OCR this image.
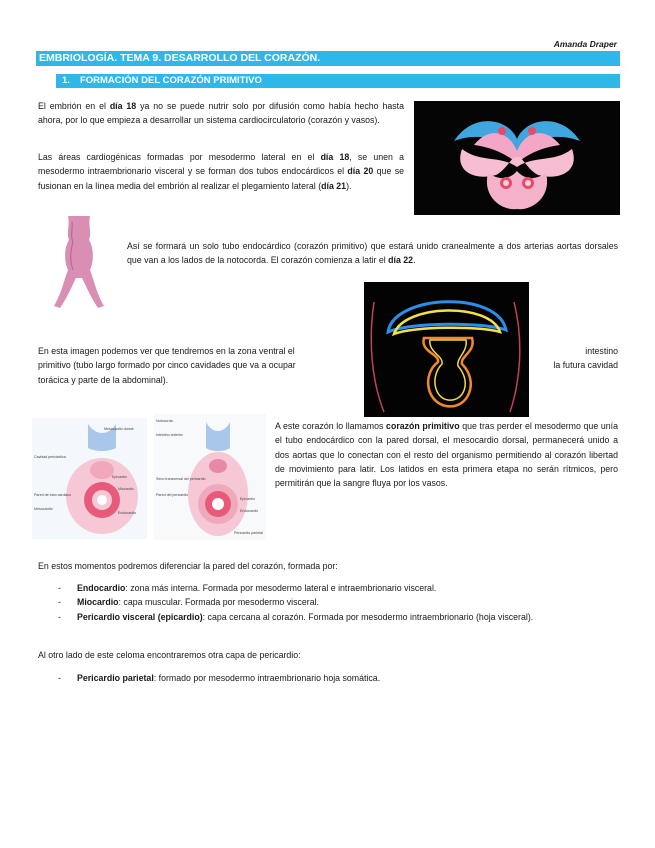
Amanda Draper
EMBRIOLOGÍA. TEMA 9. DESARROLLO DEL CORAZÓN.
1. FORMACIÓN DEL CORAZÓN PRIMITIVO
El embrión en el día 18 ya no se puede nutrir solo por difusión como había hecho hasta ahora, por lo que empieza a desarrollar un sistema cardiocirculatorio (corazón y vasos).
Las áreas cardiogénicas formadas por mesodermo lateral en el día 18, se unen a mesodermo intraembrionario visceral y se forman dos tubos endocárdicos el día 20 que se fusionan en la línea media del embrión al realizar el plegamiento lateral (día 21).
Así se formará un solo tubo endocárdico (corazón primitivo) que estará unido cranealmente a dos arterias aortas dorsales que van a los lados de la notocorda. El corazón comienza a latir el día 22.
En esta imagen podemos ver que tendremos en la zona ventral el
primitivo (tubo largo formado por cinco cavidades que va a ocupar
torácica y parte de la abdominal).
intestino
la futura cavidad
Mesocardio dorsal
Cavidad pericárdica
Epicardio
Miocardio
Pared de tubo cardiaco
Endocardio
Mesocardio
Notocorda
Intestino anterior
Seno transversal del pericardio
Pared del pericardio
Epicardio
Endocardio
Pericardio parietal
A este corazón lo llamamos corazón primitivo que tras perder el mesodermo que unía el tubo endocárdico con la pared dorsal, el mesocardio dorsal, permanecerá unido a dos aortas que lo conectan con el resto del organismo permitiendo al corazón libertad de movimiento para latir. Los latidos en esta primera etapa no serán rítmicos, pero permitirán que la sangre fluya por los vasos.
En estos momentos podremos diferenciar la pared del corazón, formada por:
- Endocardio: zona más interna. Formada por mesodermo lateral e intraembrionario visceral.
- Miocardio: capa muscular. Formada por mesodermo visceral.
- Pericardio visceral (epicardio): capa cercana al corazón. Formada por mesodermo intraembrionario (hoja visceral).
Al otro lado de este celoma encontraremos otra capa de pericardio:
- Pericardio parietal: formado por mesodermo intraembrionario hoja somática.
